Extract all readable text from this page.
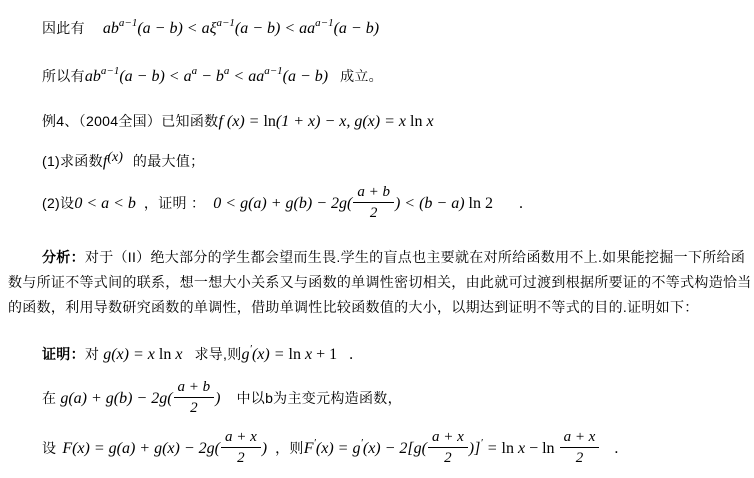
因此有 $ab^{a-1}(a - b) < a\xi^{a-1}(a - b) < aa^{a-1}(a - b)$
所以有$ab^{a-1}(a - b) < a^a - b^a < aa^{a-1}(a - b)$ 成立。
例4、（2004全国）已知函数f (x) = ln(1 + x) − x, g(x) = x ln x
(1)求函数f(x) 的最大值；
(2)设0 < a < b ，证明 ： $0 < g(a) + g(b) - 2g( \frac{a + b}{2}$ ) < (b − a) ln 2 .
分析：对于（II）绝大部分的学生都会望而生畏.学生的盲点也主要就在对所给函数用不上.如果能挖掘一下所给函
数与所证不等式间的联系，想一想大小关系又与函数的单调性密切相关，由此就可过渡到根据所要证的不等式构造恰当
的函数，利用导数研究函数的单调性，借助单调性比较函数值的大小，以期达到证明不等式的目的.证明如下：
证明：对 g(x) = x ln x 求导,则g′(x) = ln x + 1 .
在 $g(a) + g(b) - 2g( \frac{a + b}{2}$ ) 中以b为主变元构造函数，
设 $F(x) = g(a) + g(x) - 2g( \frac{a + x}{2}$ ) ，则$F'(x) = g'(x) - 2[g( \frac{a + x}{2} )]' = \ln x - \ln \frac{a + x}{2}$ .
